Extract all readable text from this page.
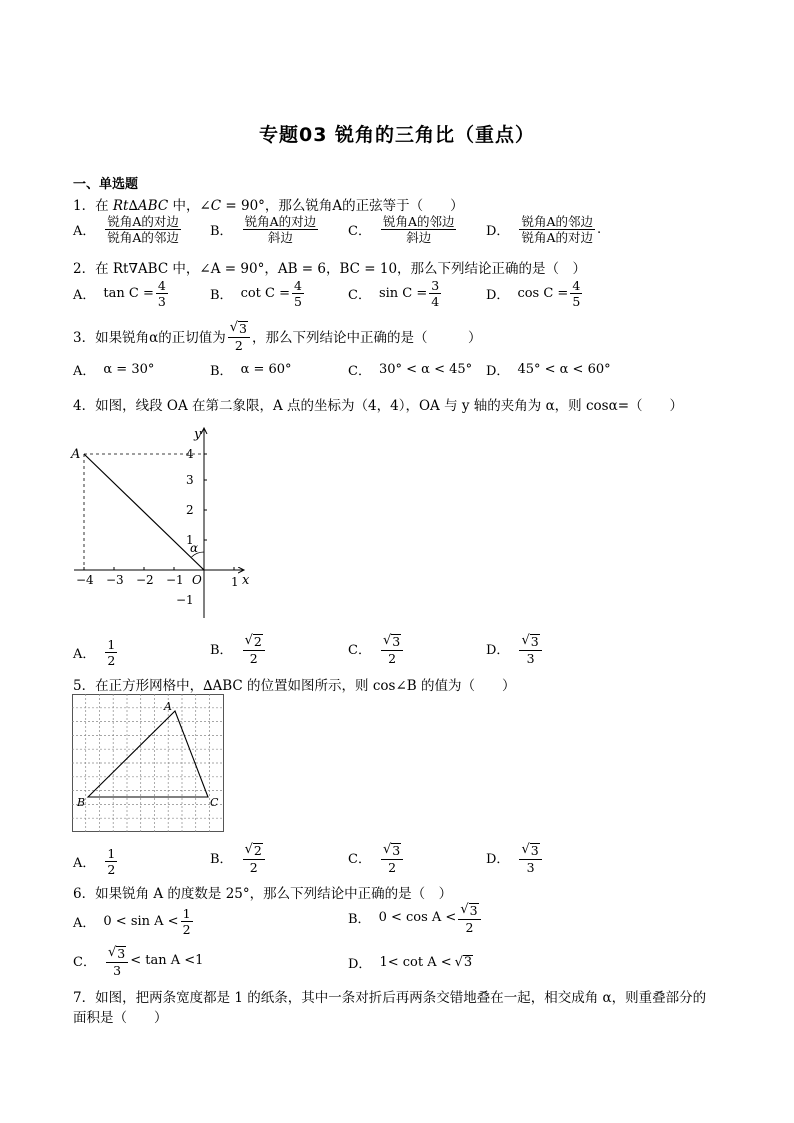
专题03 锐角的三角比（重点）
一、单选题
1．在 Rt∆ABC 中，∠C = 90°，那么锐角A的正弦等于（　　）
A． $\frac{\text{锐角A的对边}}{\text{锐角A的邻边}}$ B． $\frac{\text{锐角A的对边}}{\text{斜边}}$ C． $\frac{\text{锐角A的邻边}}{\text{斜边}}$ D． $\frac{\text{锐角A的邻边}}{\text{锐角A的对边}}$ .
2．在 Rt∇ABC 中，∠A = 90°，AB = 6，BC = 10，那么下列结论正确的是（　）
A． $\tan C = \frac{4}{3}$	B． $\cot C = \frac{4}{5}$	C． $\sin C = \frac{3}{4}$	D． $\cos C = \frac{4}{5}$
3．如果锐角α的正切值为 $\frac{√ 3}{2}$ ，那么下列结论中正确的是（　　　）
A． α = 30°	B． α = 60°	C． 30° < α < 45° D． 45° < α < 60°
4．如图，线段 OA 在第二象限，A 点的坐标为（4，4），OA 与 y 轴的夹角为 α，则 cosα=（　　）
−4 −3 −2 −1	1
1
2
3
4
−1
x
y
O
A
α
A． $\frac{1}{2}$	B． $\frac{√ 2}{2}$	C． $\frac{√ 3}{2}$	D． $\frac{√ 3}{3}$
5．在正方形网格中，∆ABC 的位置如图所示，则 cos∠B 的值为（　　）
A
B	C
A． $\frac{1}{2}$	B． $\frac{√ 2}{2}$	C． $\frac{√ 3}{2}$	D． $\frac{√ 3}{3}$
6．如果锐角 A 的度数是 25°，那么下列结论中正确的是（　）
A． $0 < \sin A < \frac{1}{2}$	B． $0 < \cos A < \frac{√ 3}{2}$
C． $\frac{√ 3}{3} < \tan A <1$	D． 1< cot A < √ 3
7．如图，把两条宽度都是 1 的纸条，其中一条对折后再两条交错地叠在一起，相交成角 α，则重叠部分的
面积是（　　）
